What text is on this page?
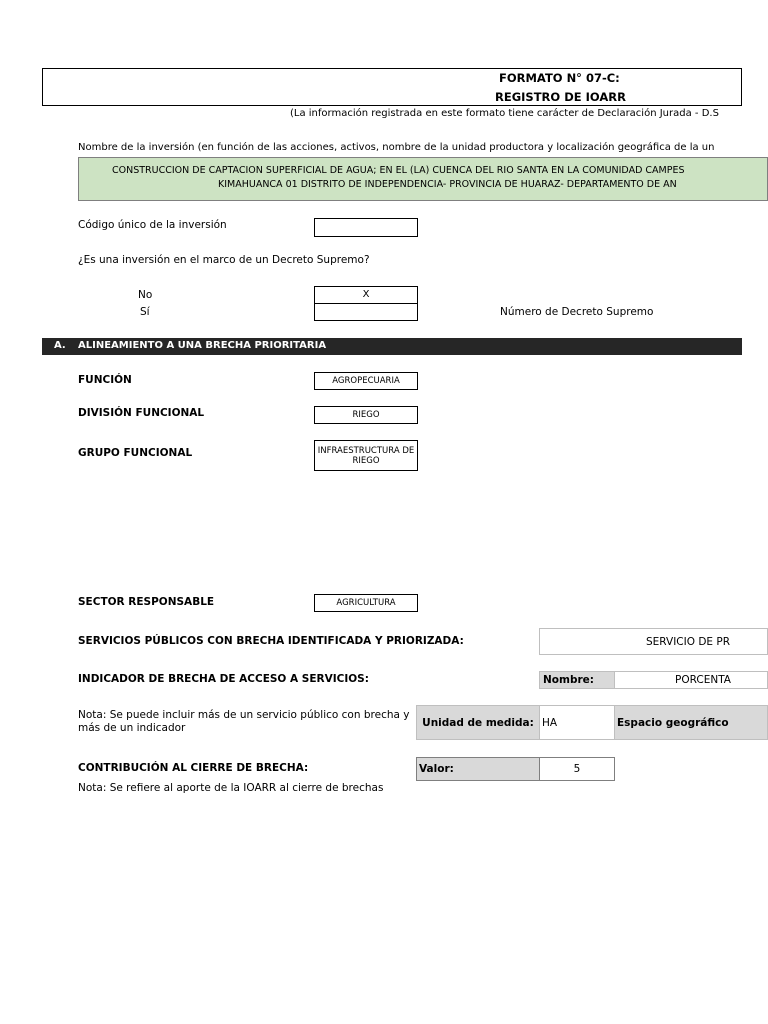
FORMATO N° 07-C:
REGISTRO DE IOARR
(La información registrada en este formato tiene carácter de Declaración Jurada - D.S
Nombre de la inversión (en función de las acciones, activos, nombre de la unidad productora y localización geográfica de la un
CONSTRUCCION DE CAPTACION SUPERFICIAL DE AGUA; EN EL (LA) CUENCA DEL RIO SANTA EN LA COMUNIDAD CAMPES
KIMAHUANCA 01 DISTRITO DE INDEPENDENCIA- PROVINCIA DE HUARAZ- DEPARTAMENTO DE AN
Código único de la inversión
¿Es una inversión en el marco de un Decreto Supremo?
No	X
Sí	Número de Decreto Supremo
A. ALINEAMIENTO A UNA BRECHA PRIORITARIA
FUNCIÓN	AGROPECUARIA
DIVISIÓN FUNCIONAL	RIEGO
GRUPO FUNCIONAL	INFRAESTRUCTURA DE
RIEGO
SECTOR RESPONSABLE	AGRICULTURA
SERVICIOS PÚBLICOS CON BRECHA IDENTIFICADA Y PRIORIZADA:	SERVICIO DE PR
INDICADOR DE BRECHA DE ACCESO A SERVICIOS:	Nombre:	PORCENTA
Nota: Se puede incluir más de un servicio público con brecha y
más de un indicador	Unidad de medida: HA	Espacio geográfico
CONTRIBUCIÓN AL CIERRE DE BRECHA:	Valor:	5
Nota: Se refiere al aporte de la IOARR al cierre de brechas
